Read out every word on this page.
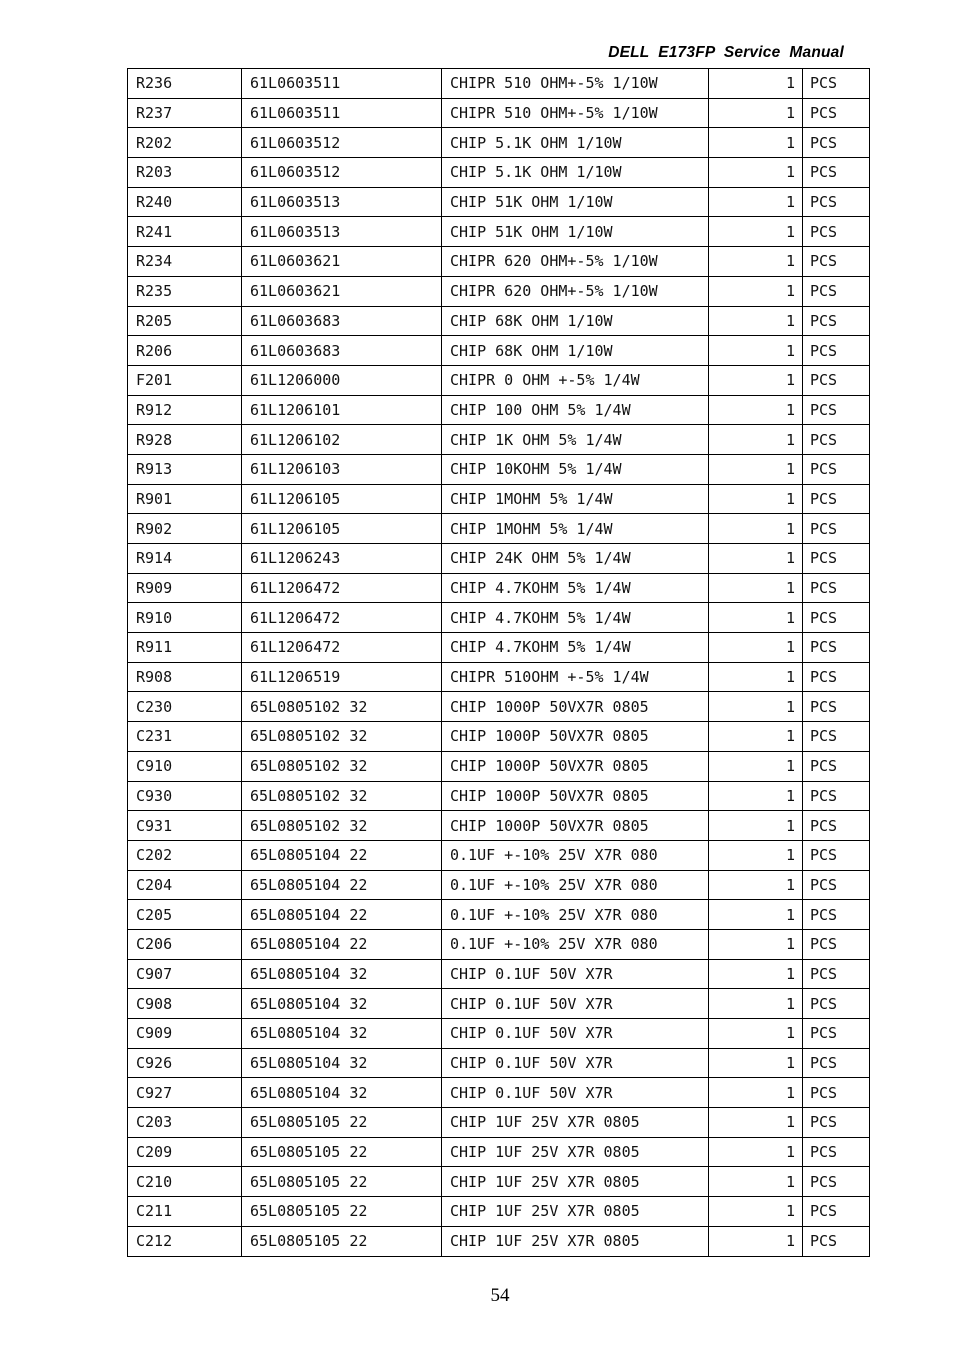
DELL  E173FP  Service  Manual
R236	61L0603511	CHIPR 510 OHM+-5% 1/10W	1	PCS
R237	61L0603511	CHIPR 510 OHM+-5% 1/10W	1	PCS
R202	61L0603512	CHIP 5.1K OHM 1/10W	1	PCS
R203	61L0603512	CHIP 5.1K OHM 1/10W	1	PCS
R240	61L0603513	CHIP 51K OHM 1/10W	1	PCS
R241	61L0603513	CHIP 51K OHM 1/10W	1	PCS
R234	61L0603621	CHIPR 620 OHM+-5% 1/10W	1	PCS
R235	61L0603621	CHIPR 620 OHM+-5% 1/10W	1	PCS
R205	61L0603683	CHIP 68K OHM 1/10W	1	PCS
R206	61L0603683	CHIP 68K OHM 1/10W	1	PCS
F201	61L1206000	CHIPR 0 OHM +-5% 1/4W	1	PCS
R912	61L1206101	CHIP 100 OHM 5% 1/4W	1	PCS
R928	61L1206102	CHIP 1K OHM 5% 1/4W	1	PCS
R913	61L1206103	CHIP 10KOHM 5% 1/4W	1	PCS
R901	61L1206105	CHIP 1MOHM 5% 1/4W	1	PCS
R902	61L1206105	CHIP 1MOHM 5% 1/4W	1	PCS
R914	61L1206243	CHIP 24K OHM 5% 1/4W	1	PCS
R909	61L1206472	CHIP 4.7KOHM 5% 1/4W	1	PCS
R910	61L1206472	CHIP 4.7KOHM 5% 1/4W	1	PCS
R911	61L1206472	CHIP 4.7KOHM 5% 1/4W	1	PCS
R908	61L1206519	CHIPR 510OHM +-5% 1/4W	1	PCS
C230	65L0805102 32	CHIP 1000P 50VX7R 0805	1	PCS
C231	65L0805102 32	CHIP 1000P 50VX7R 0805	1	PCS
C910	65L0805102 32	CHIP 1000P 50VX7R 0805	1	PCS
C930	65L0805102 32	CHIP 1000P 50VX7R 0805	1	PCS
C931	65L0805102 32	CHIP 1000P 50VX7R 0805	1	PCS
C202	65L0805104 22	0.1UF +-10% 25V X7R 080	1	PCS
C204	65L0805104 22	0.1UF +-10% 25V X7R 080	1	PCS
C205	65L0805104 22	0.1UF +-10% 25V X7R 080	1	PCS
C206	65L0805104 22	0.1UF +-10% 25V X7R 080	1	PCS
C907	65L0805104 32	CHIP 0.1UF 50V X7R	1	PCS
C908	65L0805104 32	CHIP 0.1UF 50V X7R	1	PCS
C909	65L0805104 32	CHIP 0.1UF 50V X7R	1	PCS
C926	65L0805104 32	CHIP 0.1UF 50V X7R	1	PCS
C927	65L0805104 32	CHIP 0.1UF 50V X7R	1	PCS
C203	65L0805105 22	CHIP 1UF 25V X7R 0805	1	PCS
C209	65L0805105 22	CHIP 1UF 25V X7R 0805	1	PCS
C210	65L0805105 22	CHIP 1UF 25V X7R 0805	1	PCS
C211	65L0805105 22	CHIP 1UF 25V X7R 0805	1	PCS
C212	65L0805105 22	CHIP 1UF 25V X7R 0805	1	PCS
54
